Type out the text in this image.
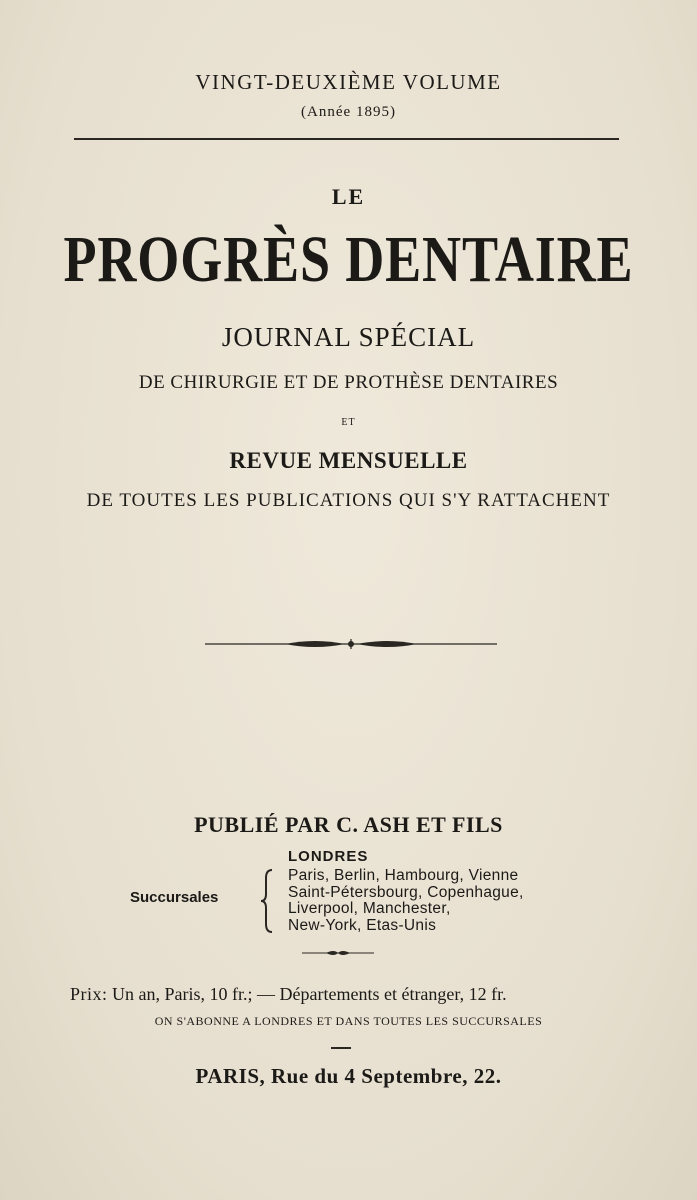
VINGT-DEUXIÈME VOLUME
(Année 1895)
LE
PROGRÈS DENTAIRE
JOURNAL SPÉCIAL
DE CHIRURGIE ET DE PROTHÈSE DENTAIRES
ET
REVUE MENSUELLE
DE TOUTES LES PUBLICATIONS QUI S'Y RATTACHENT
PUBLIÉ PAR C. ASH ET FILS
LONDRES
Succursales
Paris, Berlin, Hambourg, Vienne
Saint-Pétersbourg, Copenhague,
Liverpool, Manchester,
New-York, Etas-Unis
Prix: Un an, Paris, 10 fr.; — Départements et étranger, 12 fr.
ON S'ABONNE A LONDRES ET DANS TOUTES LES SUCCURSALES
PARIS, Rue du 4 Septembre, 22.
